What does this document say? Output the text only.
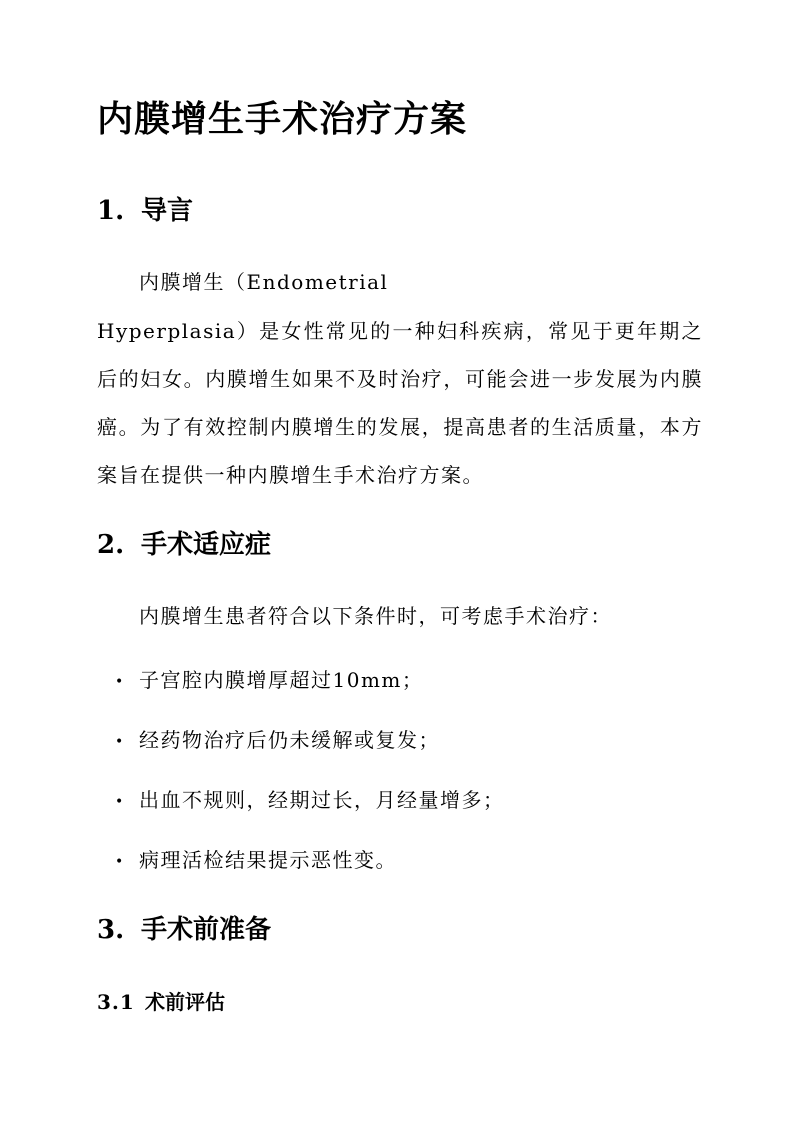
内膜增生手术治疗方案
1. 导言

内膜增生（Endometrial

Hyperplasia）是女性常见的一种妇科疾病，常见于更年期之后的妇女。内膜增生如果不及时治疗，可能会进一步发展为内膜癌。为了有效控制内膜增生的发展，提高患者的生活质量，本方案旨在提供一种内膜增生手术治疗方案。

2. 手术适应症

内膜增生患者符合以下条件时，可考虑手术治疗：

• 子宫腔内膜增厚超过10mm；
• 经药物治疗后仍未缓解或复发；
• 出血不规则，经期过长，月经量增多；
• 病理活检结果提示恶性变。
3. 手术前准备
3.1 术前评估
